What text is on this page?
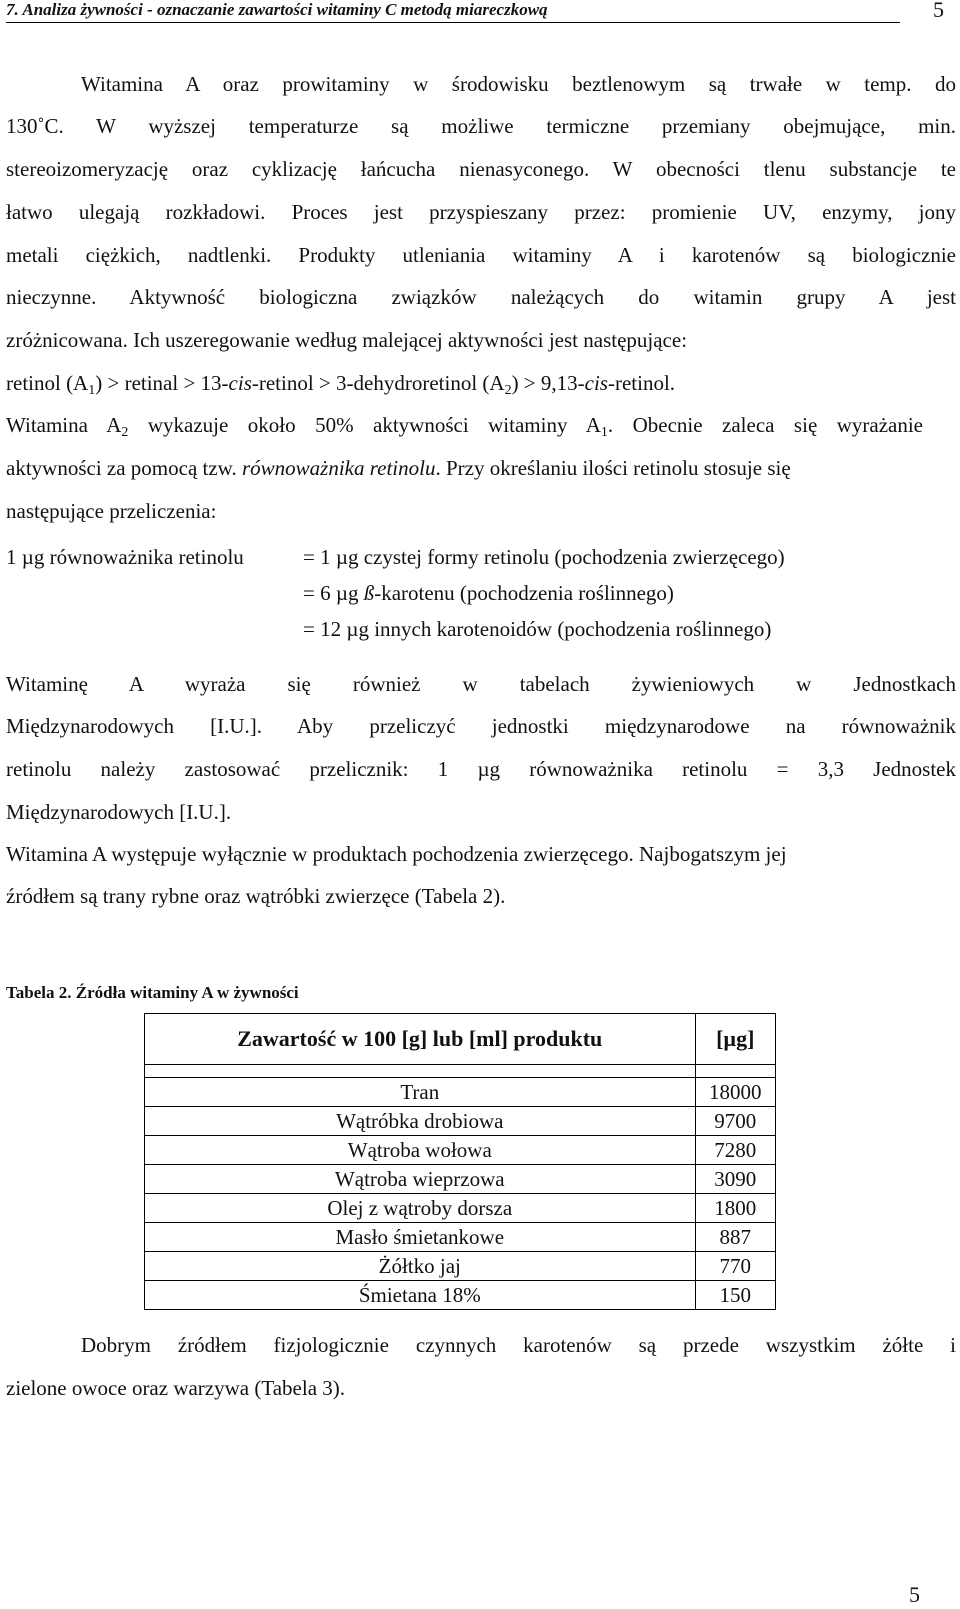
7. Analiza żywności - oznaczanie zawartości witaminy C metodą miareczkową	5
Witamina A oraz prowitaminy w środowisku beztlenowym są trwałe w temp. do
130˚C. W wyższej temperaturze są możliwe termiczne przemiany obejmujące, min.
stereoizomeryzację oraz cyklizację łańcucha nienasyconego. W obecności tlenu substancje te
łatwo ulegają rozkładowi. Proces jest przyspieszany przez: promienie UV, enzymy, jony
metali ciężkich, nadtlenki. Produkty utleniania witaminy A i karotenów są biologicznie
nieczynne. Aktywność biologiczna związków należących do witamin grupy A jest
zróżnicowana. Ich uszeregowanie według malejącej aktywności jest następujące:
retinol $(A_1)$ > retinal > 13-cis-retinol > 3-dehydroretinol $(A_2)$ > 9,13-cis-retinol.
Witamina $A_2$ wykazuje około 50% aktywności witaminy $A_1$. Obecnie zaleca się wyrażanie
aktywności za pomocą tzw. równoważnika retinolu. Przy określaniu ilości retinolu stosuje się
następujące przeliczenia:
1 µg równoważnika retinolu	= 1 µg czystej formy retinolu (pochodzenia zwierzęcego)
= 6 µg ß-karotenu (pochodzenia roślinnego)
= 12 µg innych karotenoidów (pochodzenia roślinnego)
Witaminę A wyraża się również w tabelach żywieniowych w Jednostkach
Międzynarodowych [I.U.]. Aby przeliczyć jednostki międzynarodowe na równoważnik
retinolu należy zastosować przelicznik: 1 µg równoważnika retinolu = 3,3 Jednostek
Międzynarodowych [I.U.].
Witamina A występuje wyłącznie w produktach pochodzenia zwierzęcego. Najbogatszym jej
źródłem są trany rybne oraz wątróbki zwierzęce (Tabela 2).
Tabela 2. Źródła witaminy A w żywności
Zawartość w 100 [g] lub [ml] produktu	[µg]

Tran	18000
Wątróbka drobiowa	9700
Wątroba wołowa	7280
Wątroba wieprzowa	3090
Olej z wątroby dorsza	1800
Masło śmietankowe	887
Żółtko jaj	770
Śmietana 18%	150
Dobrym źródłem fizjologicznie czynnych karotenów są przede wszystkim żółte i
zielone owoce oraz warzywa (Tabela 3).
5
